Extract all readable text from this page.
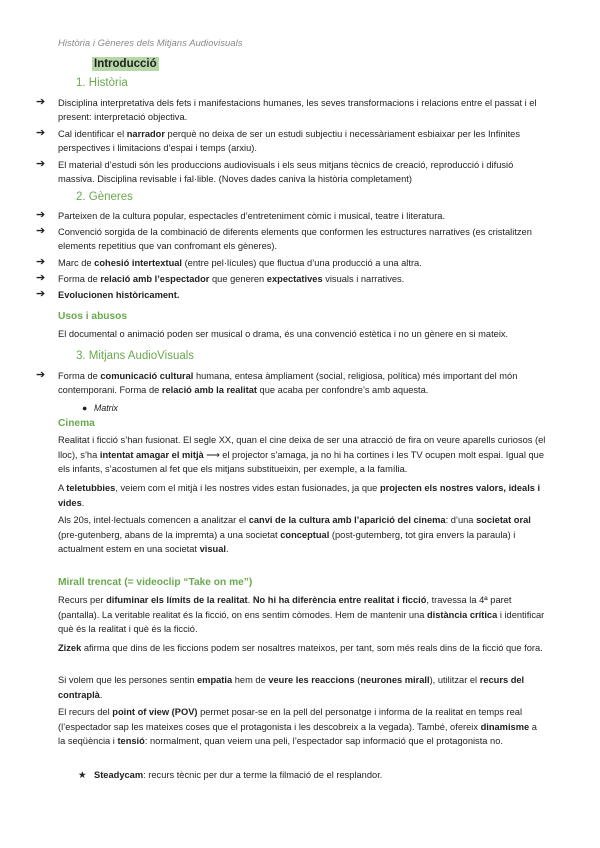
Història i Gèneres dels Mitjans Audiovisuals
Introducció
1. Història
➔ Disciplina interpretativa dels fets i manifestacions humanes, les seves transformacions i relacions entre el passat i el present: interpretació objectiva.
➔ Cal identificar el narrador perquè no deixa de ser un estudi subjectiu i necessàriament esbiaixar per les Infinites perspectives i limitacions d’espai i temps (arxiu).
➔ El material d’estudi són les produccions audiovisuals i els seus mitjans tècnics de creació, reproducció i difusió massiva. Disciplina revisable i fal·lible. (Noves dades caniva la història completament)
2. Gèneres
➔ Parteixen de la cultura popular, espectacles d’entreteniment còmic i musical, teatre i literatura.
➔ Convenció sorgida de la combinació de diferents elements que conformen les estructures narratives (es cristalitzen elements repetitius que van confromant els gèneres).
➔ Marc de cohesió intertextual (entre pel·lícules) que fluctua d’una producció a una altra.
➔ Forma de relació amb l’espectador que generen expectatives visuals i narratives.
➔ Evolucionen històricament.
Usos i abusos
El documental o animació poden ser musical o drama, és una convenció estètica i no un gènere en si mateix.
3. Mitjans AudioVisuals
➔ Forma de comunicació cultural humana, entesa àmpliament (social, religiosa, política) més important del món contemporani. Forma de relació amb la realitat que acaba per confondre’s amb aquesta.
● Matrix
Cinema
Realitat i ficció s’han fusionat. El segle XX, quan el cine deixa de ser una atracció de fira on veure aparells curiosos (el lloc), s’ha intentat amagar el mitjà ⟶ el projector s’amaga, ja no hi ha cortines i les TV ocupen molt espai. Igual que els infants, s’acostumen al fet que els mitjans substitueixin, per exemple, a la família.
A teletubbies, veiem com el mitjà i les nostres vides estan fusionades, ja que projecten els nostres valors, ideals i vides.
Als 20s, intel·lectuals comencen a analitzar el canvi de la cultura amb l’aparició del cinema: d’una societat oral (pre-gutenberg, abans de la impremta) a una societat conceptual (post-gutemberg, tot gira envers la paraula) i actualment estem en una societat visual.
Mirall trencat (= videoclip “Take on me”)
Recurs per difuminar els límits de la realitat. No hi ha diferència entre realitat i ficció, travessa la 4ª paret (pantalla). La veritable realitat és la ficció, on ens sentim còmodes. Hem de mantenir una distància crítica i identificar què és la realitat i què és la ficció.
Zizek afirma que dins de les ficcions podem ser nosaltres mateixos, per tant, som més reals dins de la ficció que fora.
Si volem que les persones sentin empatia hem de veure les reaccions (neurones mirall), utilitzar el recurs del contraplà.
El recurs del point of view (POV) permet posar-se en la pell del personatge i informa de la realitat en temps real (l’espectador sap les mateixes coses que el protagonista i les descobreix a la vegada). També, ofereix dinamisme a la seqüència i tensió: normalment, quan veiem una peli, l’espectador sap informació que el protagonista no.
★ Steadycam: recurs tècnic per dur a terme la filmació de el resplandor.
